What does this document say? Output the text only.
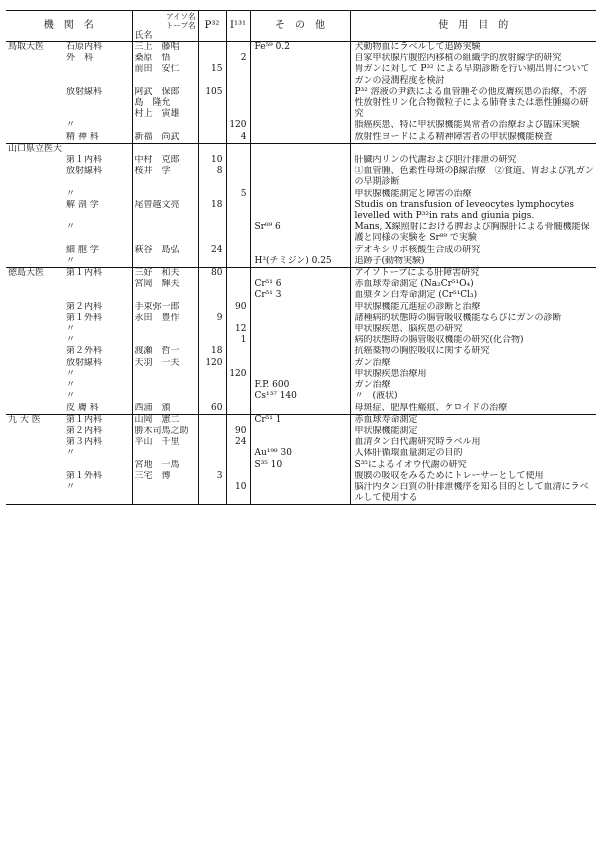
機　関　名	アイソ名
トープ名
氏名	P³²	I¹³¹	そ　の　他	使　用　目　的
鳥取大医 石原内科	三上　藤唱			Fe⁵⁹ 0.2	犬動物血にラベルして追跡実験
外　科	桑原　悟		2		自家甲状腺片腹腔内移植の組織学的放射線学的研究
	前田　安仁	15			胃ガンに対して P³² による早期診断を行い剔出胃についてガンの浸潤程度を検討
放射線科	阿武　保郎
島　隆允
村上　寅雄	105			P³² 溶液の尹鉄による血管腫その他皮膚疾患の治療、不溶性放射性リン化合物微粒子による肺脊または悪性腫瘍の研究
〃			120		脂癌疾患、特に甲状腺機能異常者の治療および臨床実験
精 神 科	新福　尚武		4		放射性ヨードによる精神障害者の甲状腺機能検査
山口県立医大					
第１内科	中村　克郎	10			肝臓内リンの代謝および胆汁排泄の研究
放射線科	桜井　学	8			①血管腫、色素性母斑のβ線治療　②食道、胃および乳ガンの早期診断
〃			5		甲状腺機能測定と障害の治療
解 剖 学	尾曽越文亮	18			Studis on transfusion of leveocytes lymphocytes levelled with P³²in rats and giunia pigs.
〃				Sr⁸⁹ 6	Mans, X線照射における脾および胸腺肝による骨髄機能保護と同様の実験を Sr⁸⁹ で実験
細 胞 学	萩谷　島弘	24			デオキシリボ核酸生合成の研究
〃				H³(チミジン) 0.25	追跡子(動物実験)
徳島大医 第１内科	三好　和夫	80			アイソトープによる肝障害研究
	宮岡　輝夫			Cr⁵¹ 6	赤血球寿命測定 (Na₂Cr⁵¹O₄)
				Cr⁵¹ 3	血漿タン白寿命測定 (Cr⁵¹Cl₃)
第２内科	手束弥一郎		90		甲状腺機能亢進症の診断と治療
第１外科	永田　豊作	9			諸種病的状態時の腸管吸収機能ならびにガンの診断
〃			12		甲状腺疾患、脳疾患の研究
〃			1		病的状態時の腸管吸収機能の研究(化合物)
第２外科	渡瀬　哲一	18			抗癌薬物の胸腔吸収に関する研究
放射線科	天羽　一夫	120			ガン治療
〃			120		甲状腺疾患治療用
〃				F.P. 600	ガン治療
〃				Cs¹³⁷ 140	〃　(液状)
皮 膚 科	西浦　頒	60			母斑症、肥厚性瘢痕、ケロイドの治療
九 大 医 第１内科	山岡　憲二			Cr⁵¹ 1	赤血球寿命測定
第２内科	勝木司馬之助		90		甲状腺機能測定
第３内科	平山　千里		24		血清タン白代謝研究時ラベル用
〃				Au¹⁹⁸ 30	人体肝循環血量測定の目的
	宮地　一馬			S³⁵ 10	S³⁵によるイオウ代謝の研究
第１外科	三宅　博	3			腹膜の吸収をみるためにトレーサーとして使用
〃			10		脳汁内タン白質の肝排泄機序を知る目的として血清にラベルして使用する
